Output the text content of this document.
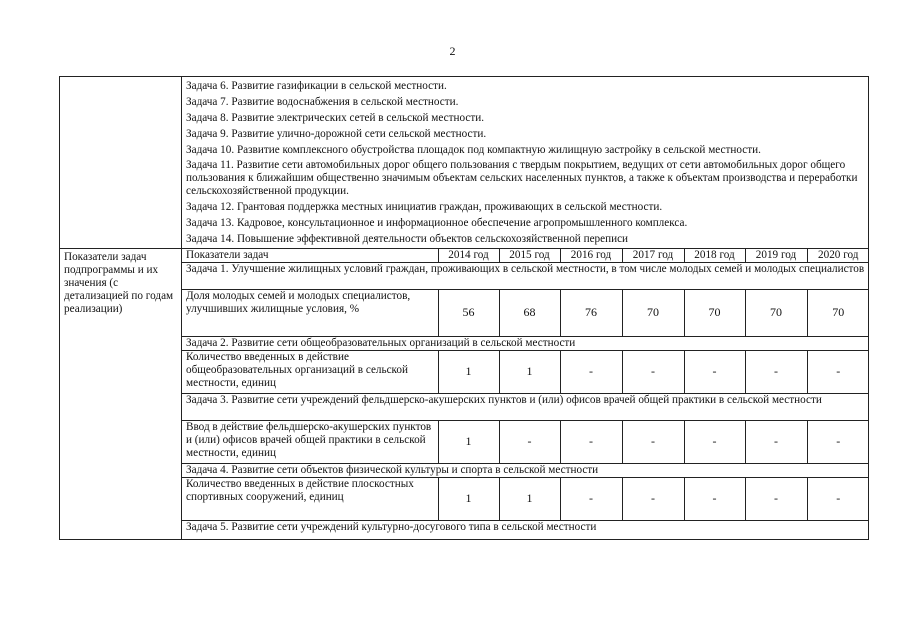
2

Задача 6. Развитие газификации в сельской местности.
Задача 7. Развитие водоснабжения в сельской местности.
Задача 8. Развитие электрических сетей в сельской местности.
Задача 9. Развитие улично-дорожной сети сельской местности.
Задача 10. Развитие комплексного обустройства площадок под компактную жилищную застройку в сельской местности.
Задача 11. Развитие сети автомобильных дорог общего пользования с твердым покрытием, ведущих от сети автомобильных дорог общего пользования к ближайшим общественно значимым объектам сельских населенных пунктов, а также к объектам производства и переработки сельскохозяйственной продукции.
Задача 12. Грантовая поддержка местных инициатив граждан, проживающих в сельской местности.
Задача 13. Кадровое, консультационное и информационное обеспечение агропромышленного комплекса.
Задача 14. Повышение эффективной деятельности объектов сельскохозяйственной переписи

Показатели задач подпрограммы и их значения (с детализацией по годам реализации)	
Показатели задач	2014 год	2015 год	2016 год	2017 год	2018 год	2019 год	2020 год
Задача 1. Улучшение жилищных условий граждан, проживающих в сельской местности, в том числе молодых семей и молодых специалистов
Доля молодых семей и молодых специалистов, улучшивших жилищные условия, %	56	68	76	70	70	70	70
Задача 2. Развитие сети общеобразовательных организаций в сельской местности
Количество введенных в действие общеобразовательных организаций в сельской местности, единиц	1	1	-	-	-	-	-
Задача 3. Развитие сети учреждений фельдшерско-акушерских пунктов и (или) офисов врачей общей практики в сельской местности
Ввод в действие фельдшерско-акушерских пунктов и (или) офисов врачей общей практики в сельской местности, единиц	1	-	-	-	-	-	-
Задача 4. Развитие сети объектов физической культуры и спорта в сельской местности
Количество введенных в действие плоскостных спортивных сооружений, единиц	1	1	-	-	-	-	-
Задача 5. Развитие сети учреждений культурно-досугового типа в сельской местности
